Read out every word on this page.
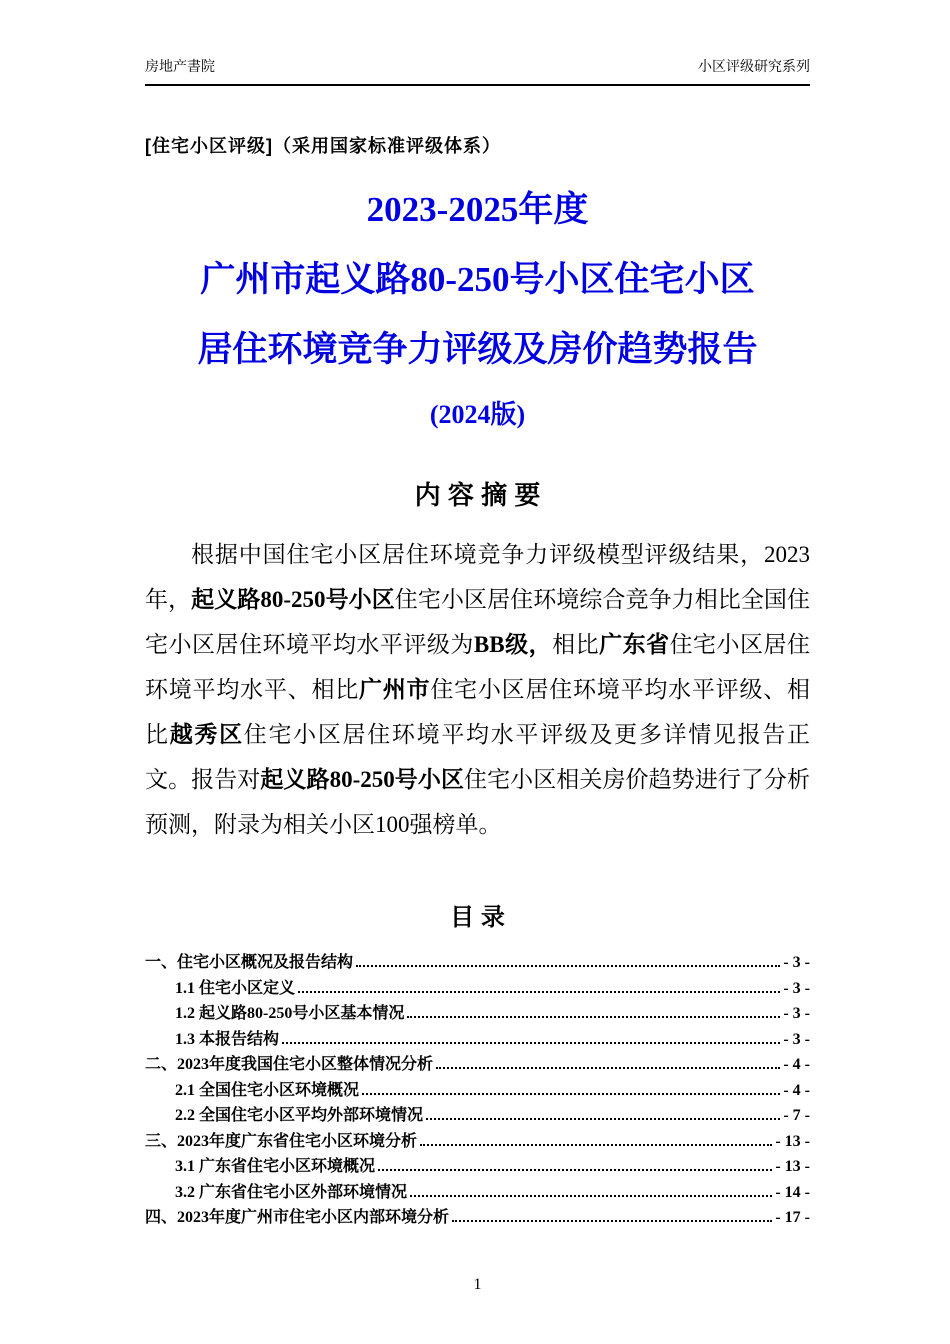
房地产書院	小区评级研究系列
[住宅小区评级]（采用国家标准评级体系）
2023-2025年度
广州市起义路80-250号小区住宅小区
居住环境竞争力评级及房价趋势报告
(2024版)
内 容 摘 要

根据中国住宅小区居住环境竞争力评级模型评级结果，2023年，起义路80-250号小区住宅小区居住环境综合竞争力相比全国住宅小区居住环境平均水平评级为BB级，相比广东省住宅小区居住环境平均水平、相比广州市住宅小区居住环境平均水平评级、相比越秀区住宅小区居住环境平均水平评级及更多详情见报告正文。报告对起义路80-250号小区住宅小区相关房价趋势进行了分析预测，附录为相关小区100强榜单。

目 录
一、住宅小区概况及报告结构	- 3 -
1.1 住宅小区定义	- 3 -
1.2 起义路80-250号小区基本情况	- 3 -
1.3 本报告结构	- 3 -
二、2023年度我国住宅小区整体情况分析	- 4 -
2.1 全国住宅小区环境概况	- 4 -
2.2 全国住宅小区平均外部环境情况	- 7 -
三、2023年度广东省住宅小区环境分析	- 13 -
3.1 广东省住宅小区环境概况	- 13 -
3.2 广东省住宅小区外部环境情况	- 14 -
四、2023年度广州市住宅小区内部环境分析	- 17 -
1
